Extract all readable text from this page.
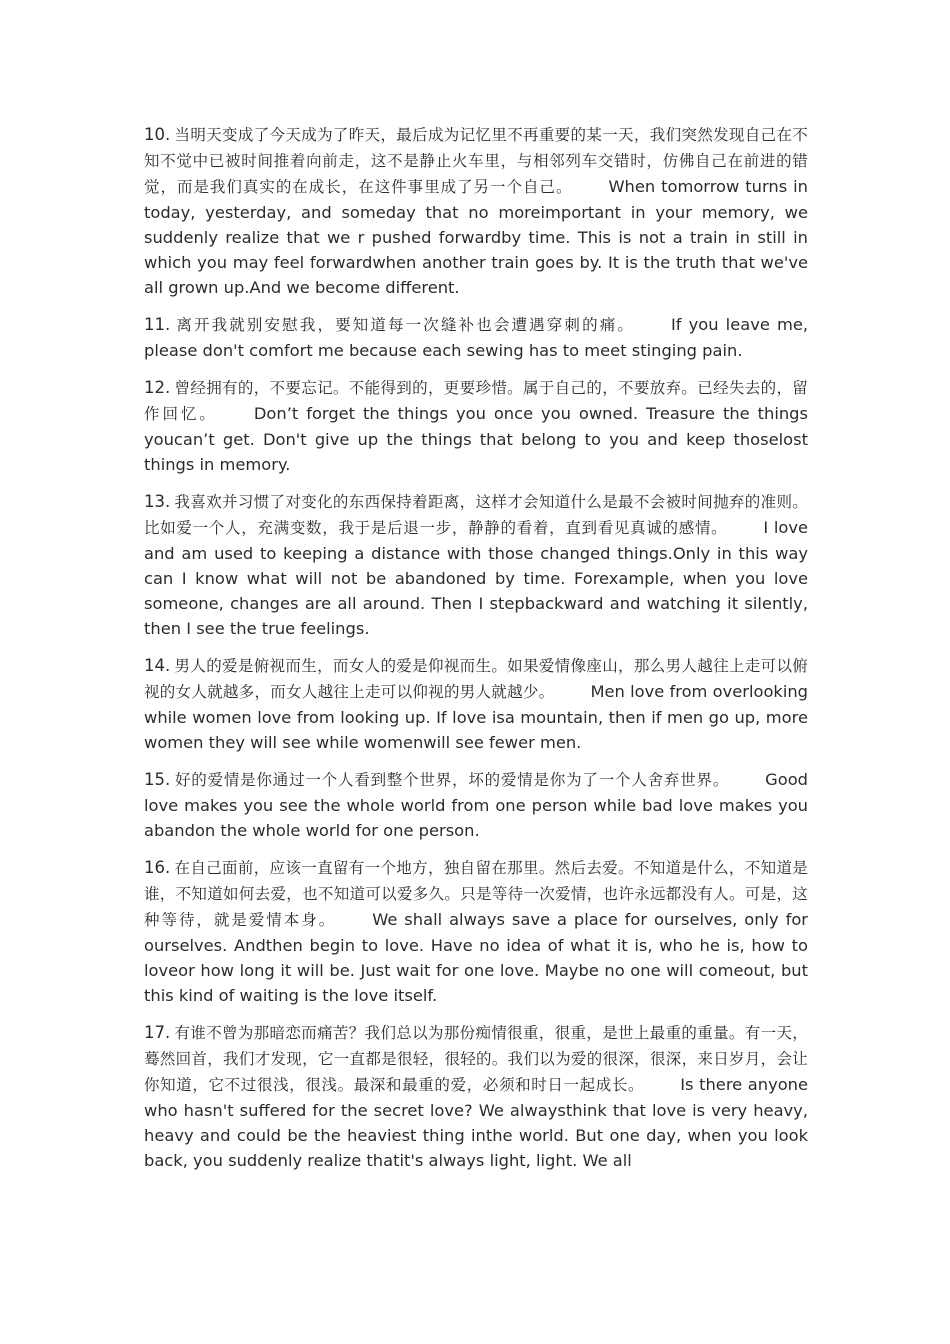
10. 当明天变成了今天成为了昨天，最后成为记忆里不再重要的某一天，我们突然发现自己在不知不觉中已被时间推着向前走，这不是静止火车里，与相邻列车交错时，仿佛自己在前进的错觉，而是我们真实的在成长，在这件事里成了另一个自己。 When tomorrow turns in today, yesterday, and someday that no moreimportant in your memory, we suddenly realize that we r pushed forwardby time. This is not a train in still in which you may feel forwardwhen another train goes by. It is the truth that we've all grown up.And we become different.

11. 离开我就别安慰我，要知道每一次缝补也会遭遇穿刺的痛。 If you leave me, please don't comfort me because each sewing has to meet stinging pain.

12. 曾经拥有的，不要忘记。不能得到的，更要珍惜。属于自己的，不要放弃。已经失去的，留作回忆。 Don’t forget the things you once you owned. Treasure the things youcan’t get. Don't give up the things that belong to you and keep thoselost things in memory.

13. 我喜欢并习惯了对变化的东西保持着距离，这样才会知道什么是最不会被时间抛弃的准则。比如爱一个人，充满变数，我于是后退一步，静静的看着，直到看见真诚的感情。 I love and am used to keeping a distance with those changed things.Only in this way can I know what will not be abandoned by time. Forexample, when you love someone, changes are all around. Then I stepbackward and watching it silently, then I see the true feelings.

14. 男人的爱是俯视而生，而女人的爱是仰视而生。如果爱情像座山，那么男人越往上走可以俯视的女人就越多，而女人越往上走可以仰视的男人就越少。 Men love from overlooking while women love from looking up. If love isa mountain, then if men go up, more women they will see while womenwill see fewer men.

15. 好的爱情是你通过一个人看到整个世界，坏的爱情是你为了一个人舍弃世界。 Good love makes you see the whole world from one person while bad love makes you abandon the whole world for one person.

16. 在自己面前，应该一直留有一个地方，独自留在那里。然后去爱。不知道是什么，不知道是谁，不知道如何去爱，也不知道可以爱多久。只是等待一次爱情，也许永远都没有人。可是，这种等待，就是爱情本身。 We shall always save a place for ourselves, only for ourselves. Andthen begin to love. Have no idea of what it is, who he is, how to loveor how long it will be. Just wait for one love. Maybe no one will comeout, but this kind of waiting is the love itself.

17. 有谁不曾为那暗恋而痛苦？我们总以为那份痴情很重，很重，是世上最重的重量。有一天，蓦然回首，我们才发现，它一直都是很轻，很轻的。我们以为爱的很深，很深，来日岁月，会让你知道，它不过很浅，很浅。最深和最重的爱，必须和时日一起成长。 Is there anyone who hasn't suffered for the secret love? We alwaysthink that love is very heavy, heavy and could be the heaviest thing inthe world. But one day, when you look back, you suddenly realize thatit's always light, light. We all
